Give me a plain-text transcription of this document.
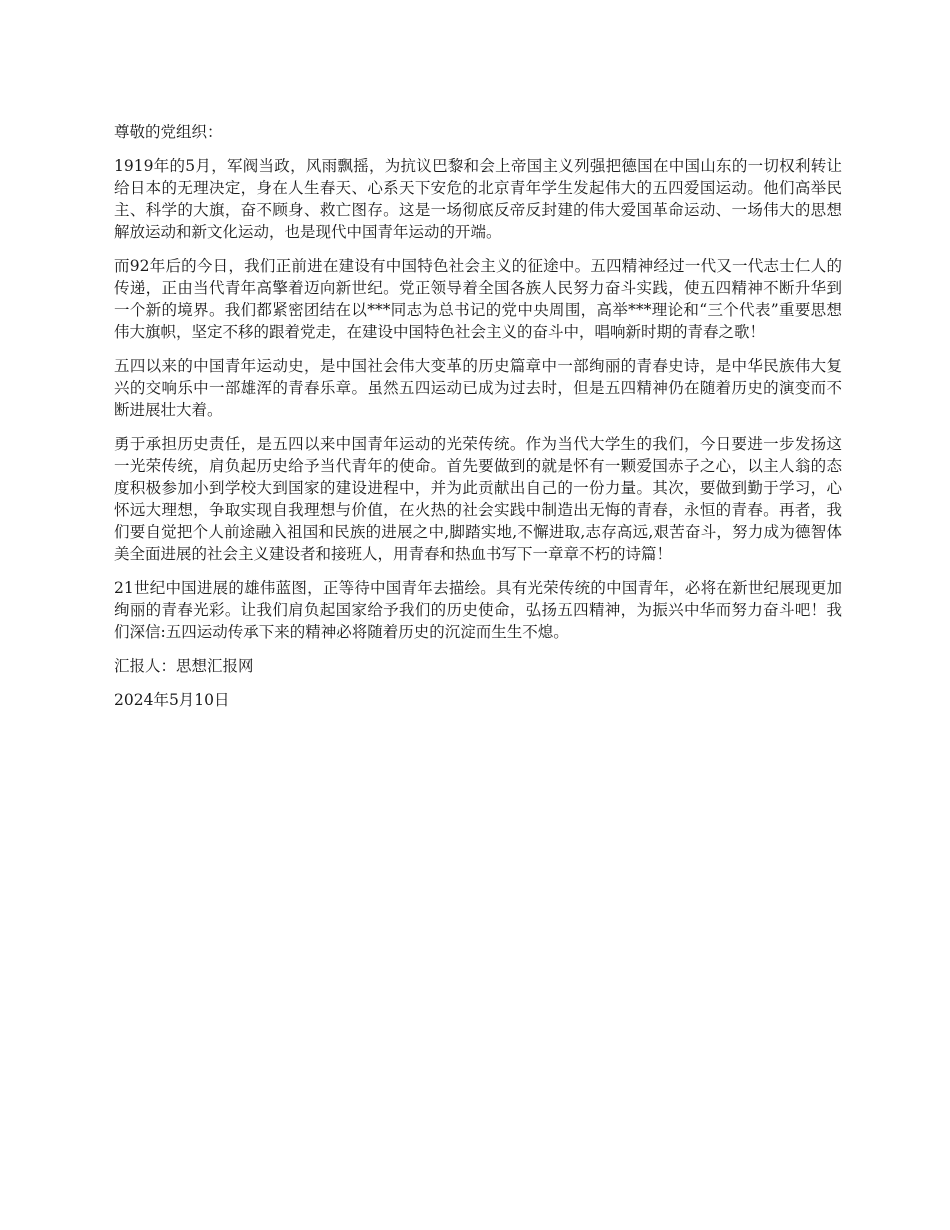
尊敬的党组织：

1919年的5月，军阀当政，风雨飘摇，为抗议巴黎和会上帝国主义列强把德国在中国山东的一切权利转让给日本的无理决定，身在人生春天、心系天下安危的北京青年学生发起伟大的五四爱国运动。他们高举民主、科学的大旗，奋不顾身、救亡图存。这是一场彻底反帝反封建的伟大爱国革命运动、一场伟大的思想解放运动和新文化运动，也是现代中国青年运动的开端。

而92年后的今日，我们正前进在建设有中国特色社会主义的征途中。五四精神经过一代又一代志士仁人的传递，正由当代青年高擎着迈向新世纪。党正领导着全国各族人民努力奋斗实践，使五四精神不断升华到一个新的境界。我们都紧密团结在以***同志为总书记的党中央周围，高举***理论和“三个代表”重要思想伟大旗帜，坚定不移的跟着党走，在建设中国特色社会主义的奋斗中，唱响新时期的青春之歌！

五四以来的中国青年运动史，是中国社会伟大变革的历史篇章中一部绚丽的青春史诗，是中华民族伟大复兴的交响乐中一部雄浑的青春乐章。虽然五四运动已成为过去时，但是五四精神仍在随着历史的演变而不断进展壮大着。

勇于承担历史责任，是五四以来中国青年运动的光荣传统。作为当代大学生的我们，今日要进一步发扬这一光荣传统，肩负起历史给予当代青年的使命。首先要做到的就是怀有一颗爱国赤子之心，以主人翁的态度积极参加小到学校大到国家的建设进程中，并为此贡献出自己的一份力量。其次，要做到勤于学习，心怀远大理想，争取实现自我理想与价值，在火热的社会实践中制造出无悔的青春，永恒的青春。再者，我们要自觉把个人前途融入祖国和民族的进展之中,脚踏实地,不懈进取,志存高远,艰苦奋斗，努力成为德智体美全面进展的社会主义建设者和接班人，用青春和热血书写下一章章不朽的诗篇！

21世纪中国进展的雄伟蓝图，正等待中国青年去描绘。具有光荣传统的中国青年，必将在新世纪展现更加绚丽的青春光彩。让我们肩负起国家给予我们的历史使命，弘扬五四精神，为振兴中华而努力奋斗吧！我们深信:五四运动传承下来的精神必将随着历史的沉淀而生生不熄。

汇报人：思想汇报网

2024年5月10日
